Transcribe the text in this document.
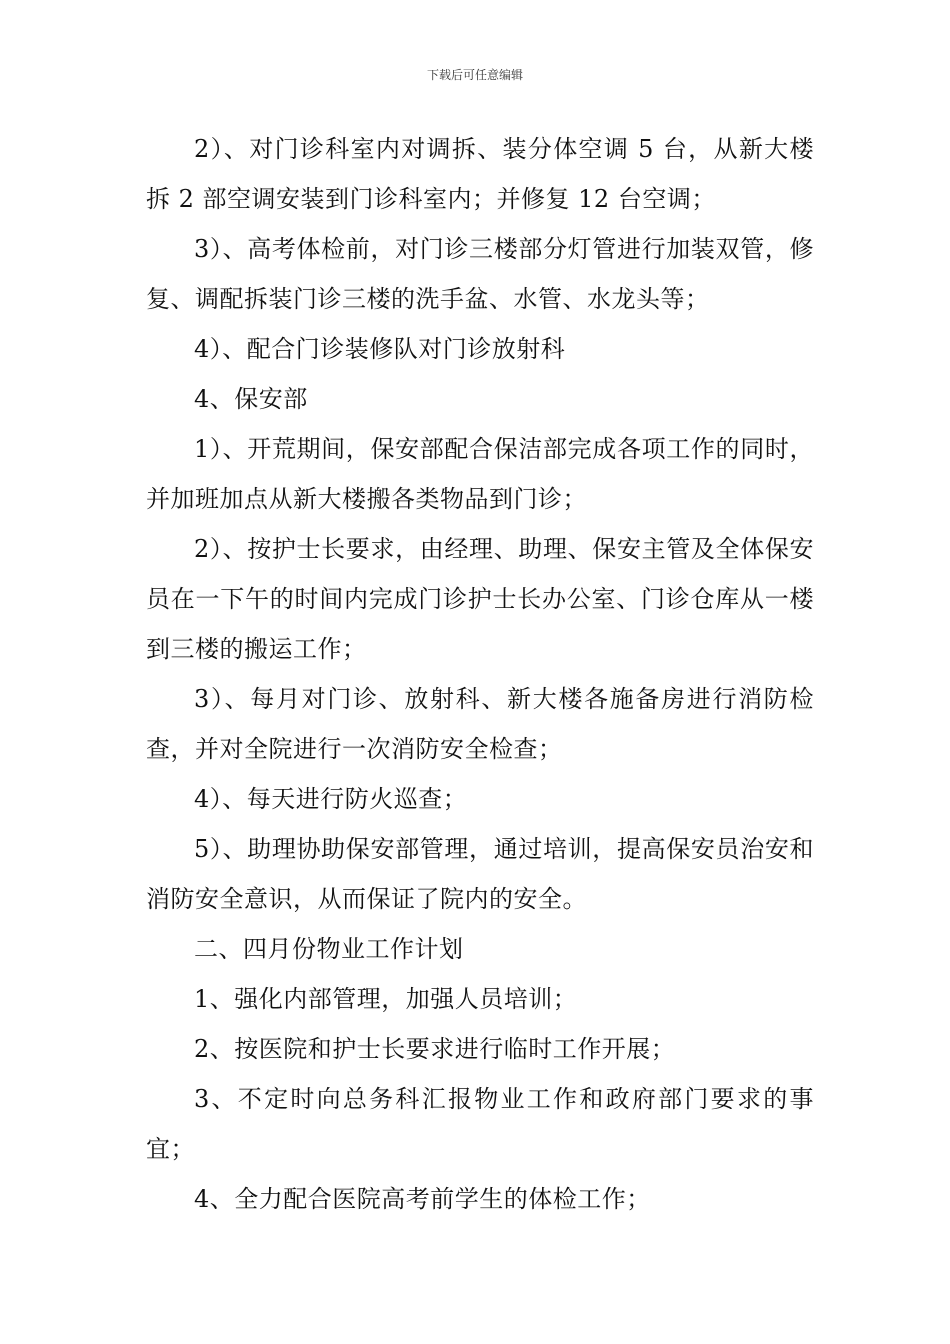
下载后可任意编辑

2）、对门诊科室内对调拆、装分体空调 5 台，从新大楼拆 2 部空调安装到门诊科室内；并修复 12 台空调；

3）、高考体检前，对门诊三楼部分灯管进行加装双管，修复、调配拆装门诊三楼的洗手盆、水管、水龙头等；

4）、配合门诊装修队对门诊放射科

4、保安部

1）、开荒期间，保安部配合保洁部完成各项工作的同时，并加班加点从新大楼搬各类物品到门诊；

2）、按护士长要求，由经理、助理、保安主管及全体保安员在一下午的时间内完成门诊护士长办公室、门诊仓库从一楼到三楼的搬运工作；

3）、每月对门诊、放射科、新大楼各施备房进行消防检查，并对全院进行一次消防安全检查；

4）、每天进行防火巡查；

5）、助理协助保安部管理，通过培训，提高保安员治安和消防安全意识，从而保证了院内的安全。

二、四月份物业工作计划

1、强化内部管理，加强人员培训；

2、按医院和护士长要求进行临时工作开展；

3、不定时向总务科汇报物业工作和政府部门要求的事宜；

4、全力配合医院高考前学生的体检工作；
